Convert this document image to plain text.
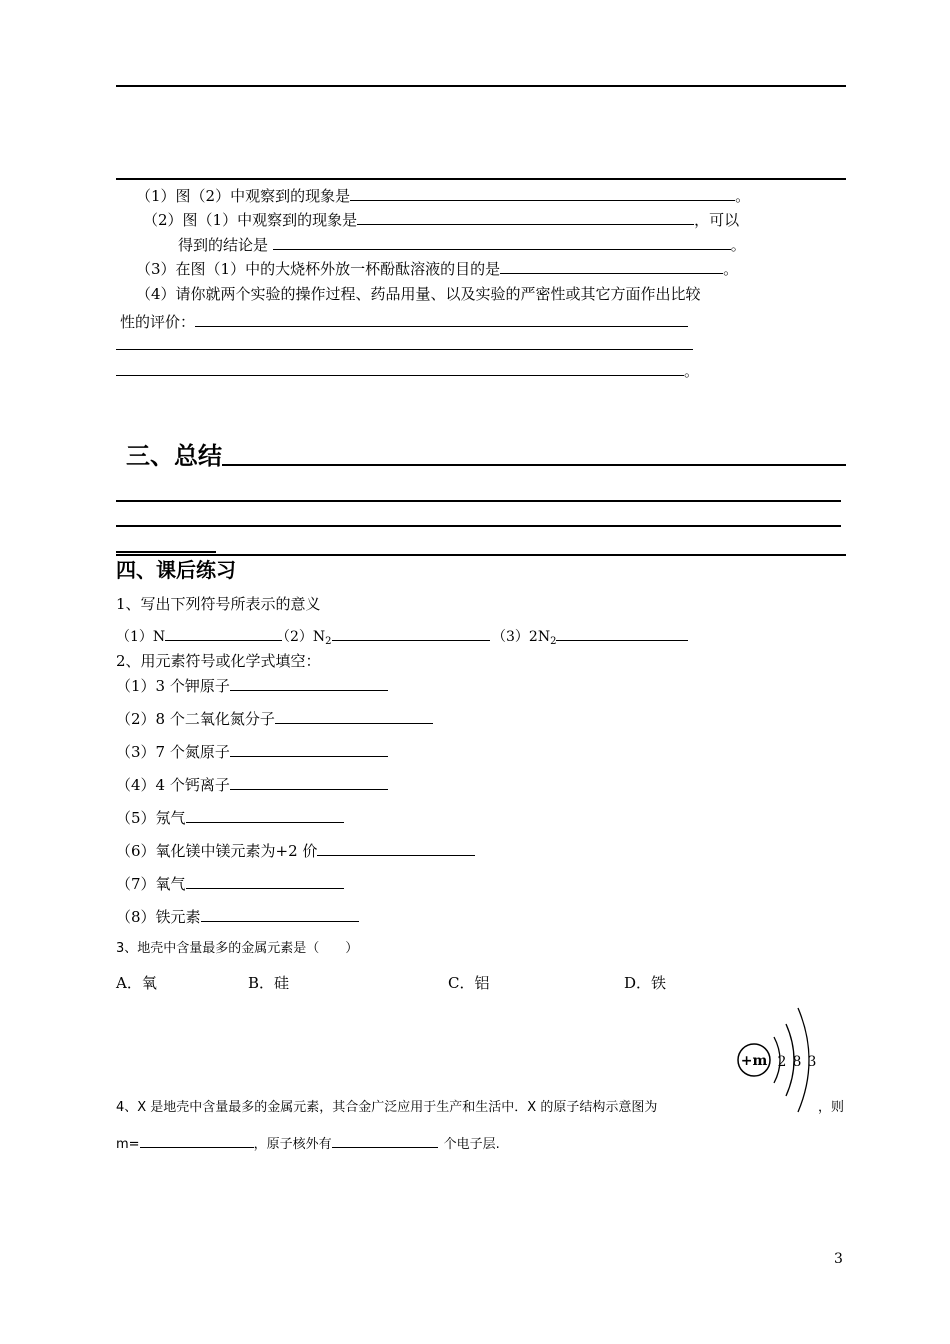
（1）图（2）中观察到的现象是	。
（2）图（1）中观察到的现象是	，可以
得到的结论是	。
（3）在图（1）中的大烧杯外放一杯酚酞溶液的目的是	。
（4）请你就两个实验的操作过程、药品用量、以及实验的严密性或其它方面作出比较
性的评价：
。
三、总结
四、课后练习
1、写出下列符号所表示的意义
（1）N	$(2)N_2$	$(3)2N_2$
2、用元素符号或化学式填空：
（1）3 个钾原子
（2）8 个二氧化氮分子
（3）7 个氮原子
（4）4 个钙离子
（5）氖气
（6）氧化镁中镁元素为+2 价
（7）氧气
（8）铁元素
3、地壳中含量最多的金属元素是（　　）
A．氧	B．硅	C．铝	D．铁
+m 2 8 3
4、X 是地壳中含量最多的金属元素，其合金广泛应用于生产和生活中．X 的原子结构示意图为	，则
m=	，原子核外有	个电子层.
3
